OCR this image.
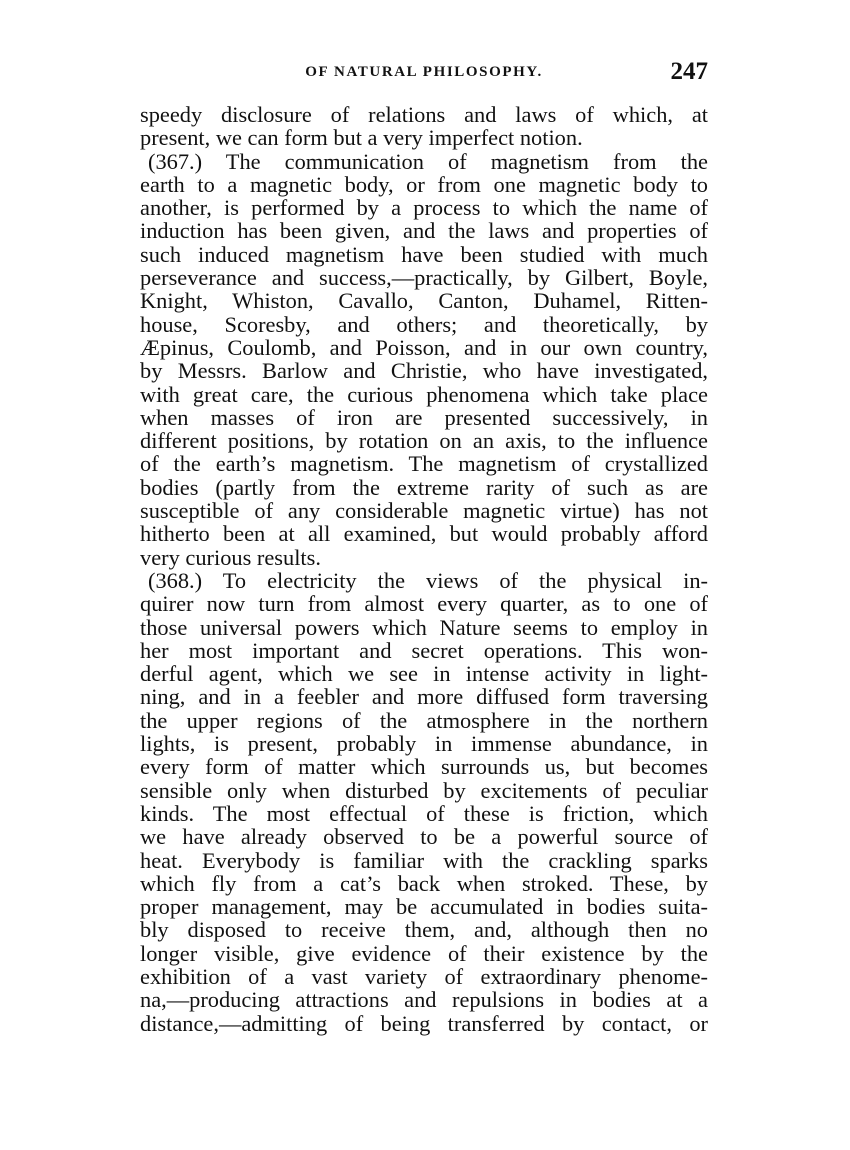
OF NATURAL PHILOSOPHY.	247

speedy disclosure of relations and laws of which, at

present, we can form but a very imperfect notion.

(367.) The communication of magnetism from the

earth to a magnetic body, or from one magnetic body to

another, is performed by a process to which the name of

induction has been given, and the laws and properties of

such induced magnetism have been studied with much

perseverance and success,—practically, by Gilbert, Boyle,

Knight, Whiston, Cavallo, Canton, Duhamel, Ritten-

house, Scoresby, and others; and theoretically, by

Æpinus, Coulomb, and Poisson, and in our own country,

by Messrs. Barlow and Christie, who have investigated,

with great care, the curious phenomena which take place

when masses of iron are presented successively, in

different positions, by rotation on an axis, to the influence

of the earth’s magnetism. The magnetism of crystallized

bodies (partly from the extreme rarity of such as are

susceptible of any considerable magnetic virtue) has not

hitherto been at all examined, but would probably afford

very curious results.

(368.) To electricity the views of the physical in-

quirer now turn from almost every quarter, as to one of

those universal powers which Nature seems to employ in

her most important and secret operations. This won-

derful agent, which we see in intense activity in light-

ning, and in a feebler and more diffused form traversing

the upper regions of the atmosphere in the northern

lights, is present, probably in immense abundance, in

every form of matter which surrounds us, but becomes

sensible only when disturbed by excitements of peculiar

kinds. The most effectual of these is friction, which

we have already observed to be a powerful source of

heat. Everybody is familiar with the crackling sparks

which fly from a cat’s back when stroked. These, by

proper management, may be accumulated in bodies suita-

bly disposed to receive them, and, although then no

longer visible, give evidence of their existence by the

exhibition of a vast variety of extraordinary phenome-

na,—producing attractions and repulsions in bodies at a

distance,—admitting of being transferred by contact, or
